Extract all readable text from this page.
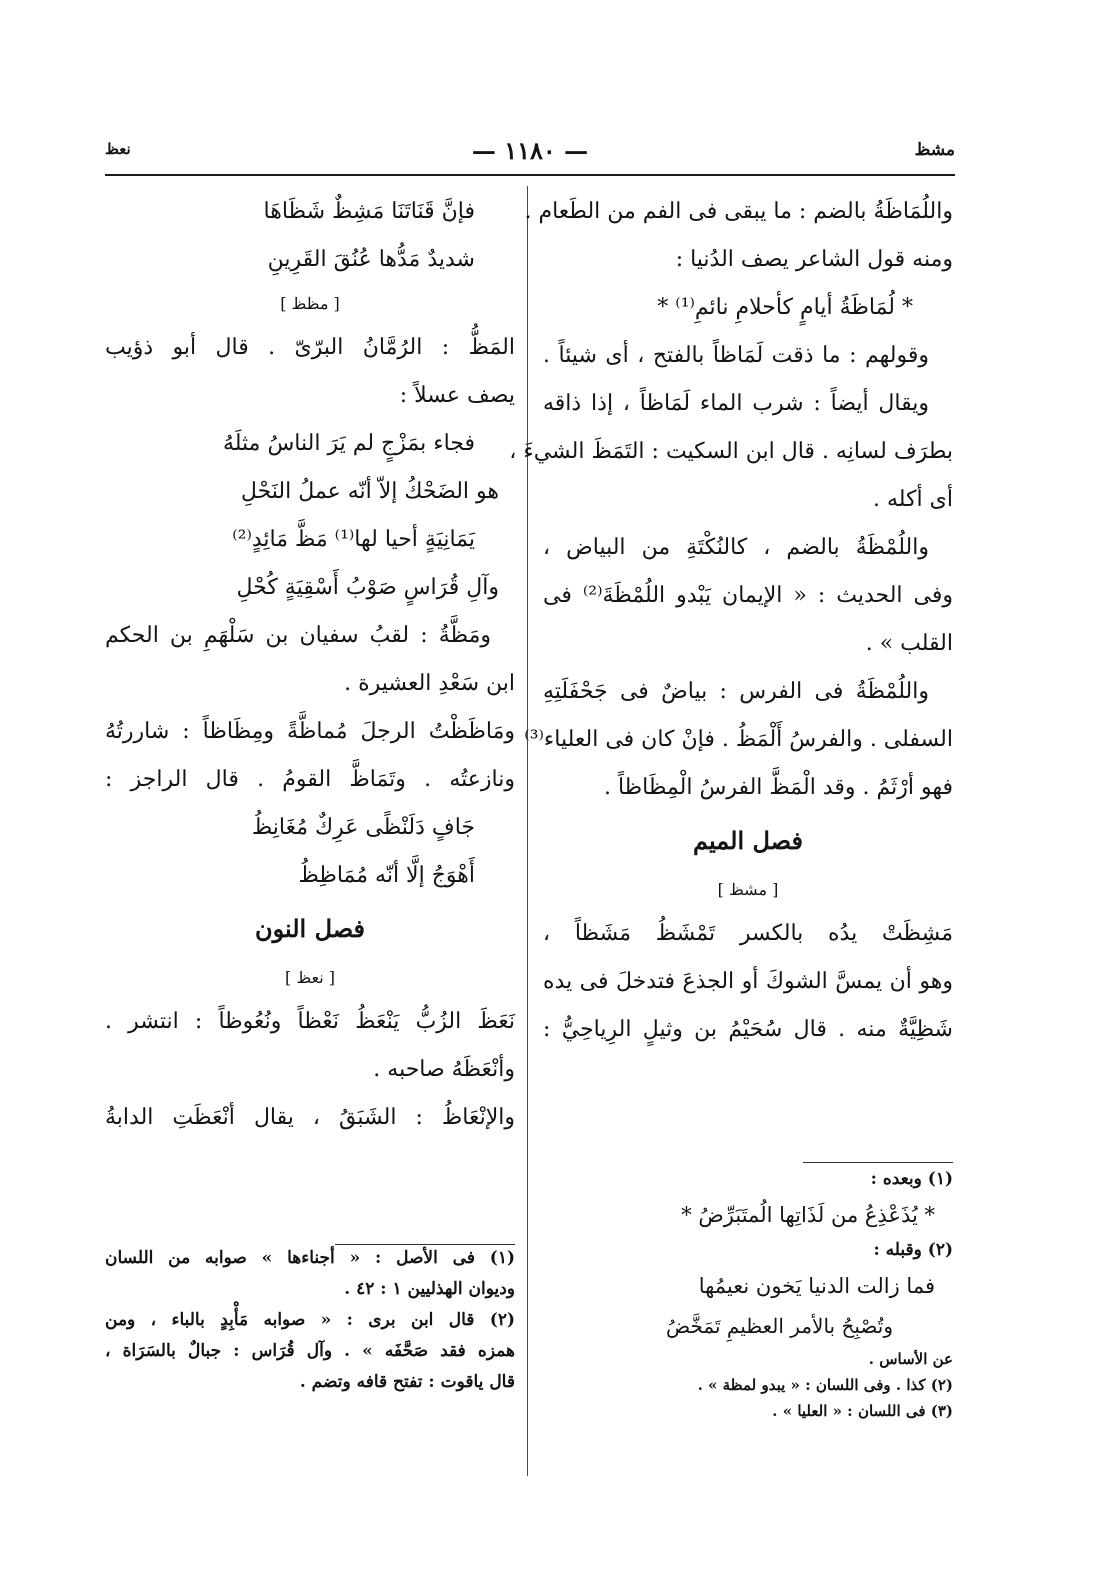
مشظ
— ١١٨٠ —
نعظ
واللُمَاظَةُ بالضم : ما يبقى فى الفم من الطَعام .
ومنه قول الشاعر يصف الدُنيا :
* لُمَاظَةُ أيامٍ كأحلامِ نائمِ⁽¹⁾ *
وقولهم : ما ذقت لَمَاظاً بالفتح ، أى شيئاً .
ويقال أيضاً : شرب الماء لَمَاظاً ، إذا ذاقه
بطرَف لسانِه . قال ابن السكيت : التَمَظَ الشيءَ ،
أى أكله .
واللُمْظَةُ بالضم ، كالنُكْتَةِ من البياض ،
وفى الحديث : « الإيمان يَبْدو اللُمْظَةَ⁽²⁾ فى
القلب » .
واللُمْظَةُ فى الفرس : بياضٌ فى جَحْفَلَتِهِ
السفلى . والفرسُ أَلْمَظُ . فإنْ كان فى العلياء⁽³⁾
فهو أرْثَمُ . وقد الْمَظَّ الفرسُ الْمِظَاظاً .
فصل الميم
[ مشظ ]
مَشِظَتْ يدُه بالكسر تَمْشَظُ مَشَظاً ،
وهو أن يمسَّ الشوكَ أو الجذعَ فتدخلَ فى يده
شَظِيَّةٌ منه . قال سُحَيْمُ بن وثيلٍ الرِياحِيُّ :
(١) وبعده :
* يُذَعْذِعُ من لَذَاتِها الُمتَبَرِّضُ *
(٢) وقبله :
فما زالت الدنيا يَخون نعيمُها
وتُصْبِحُ بالأمر العظيمِ تَمَخَّضُ
عن الأساس .
(٢) كذا . وفى اللسان : « يبدو لمظة » .
(٣) فى اللسان : « العليا » .
فإنَّ قَنَاتَنَا مَشِظٌ شَظَاهَا
شديدٌ مَدُّها عُنُقَ القَرِينِ
[ مظظ ]
المَظُّ : الرُمَّانُ البرّىّ . قال أبو ذؤيب
يصف عسلاً :
فجاء بمَزْجٍ لم يَرَ الناسُ مثلَهُ
هو الضَحْكُ إلاّ أنّه عملُ النَحْلِ
يَمَانِيَةٍ أحيا لها⁽¹⁾ مَظَّ مَائِدٍ⁽²⁾
وآلِ قُرَاسٍ صَوْبُ أَسْقِيَةٍ كُحْلِ
ومَظَّةُ : لقبُ سفيان بن سَلْهَمِ بن الحكم
ابن سَعْدِ العشيرة .
ومَاظَظْتُ الرجلَ مُماظَّةً ومِظَاظاً : شاررتُهُ
ونازعتُه . وتَمَاظَّ القومُ . قال الراجز :
جَافٍ دَلَنْظًى عَرِكٌ مُغَانِظُ
أَهْوَجُ إلَّا أنّه مُمَاظِظُ
فصل النون
[ نعظ ]
نَعَظَ الزُبُّ يَنْعَظُ نَعْظاً ونُعُوظاً : انتشر .
وأنْعَظَهُ صاحبه .
والإنْعَاظُ : الشَبَقُ ، يقال أنْعَظَتِ الدابةُ
(١) فى الأصل : « أجناءها » صوابه من اللسان
وديوان الهذليين ١ : ٤٢ .
(٢) قال ابن برى : « صوابه مَأْبِدٍ بالباء ، ومن
همزه فقد صَحَّفَه » . وآل قُرَاس : جبالٌ بالسَرَاة ،
قال ياقوت : تفتح قافه وتضم .
